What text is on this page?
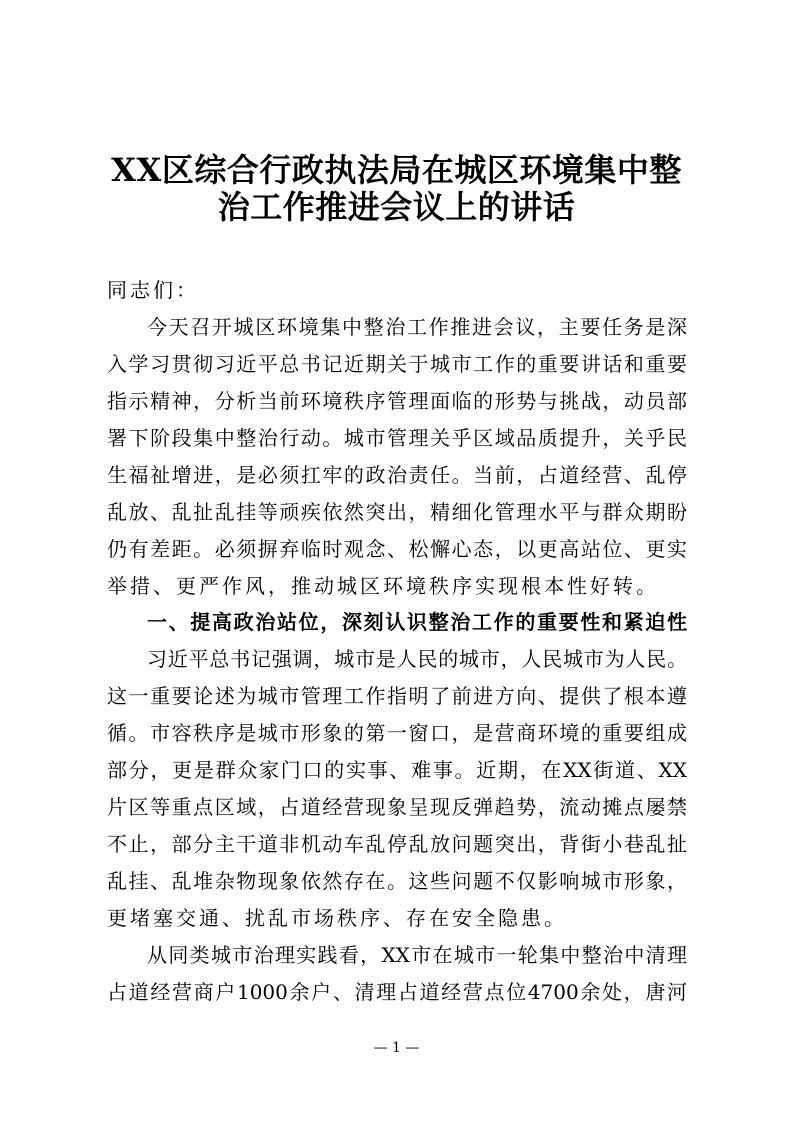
XX区综合行政执法局在城区环境集中整
治工作推进会议上的讲话
同志们：
今天召开城区环境集中整治工作推进会议，主要任务是深
入学习贯彻习近平总书记近期关于城市工作的重要讲话和重要
指示精神，分析当前环境秩序管理面临的形势与挑战，动员部
署下阶段集中整治行动。城市管理关乎区域品质提升，关乎民
生福祉增进，是必须扛牢的政治责任。当前，占道经营、乱停
乱放、乱扯乱挂等顽疾依然突出，精细化管理水平与群众期盼
仍有差距。必须摒弃临时观念、松懈心态，以更高站位、更实
举措、更严作风，推动城区环境秩序实现根本性好转。
一、提高政治站位，深刻认识整治工作的重要性和紧迫性
习近平总书记强调，城市是人民的城市，人民城市为人民。
这一重要论述为城市管理工作指明了前进方向、提供了根本遵
循。市容秩序是城市形象的第一窗口，是营商环境的重要组成
部分，更是群众家门口的实事、难事。近期，在XX街道、XX
片区等重点区域，占道经营现象呈现反弹趋势，流动摊点屡禁
不止，部分主干道非机动车乱停乱放问题突出，背街小巷乱扯
乱挂、乱堆杂物现象依然存在。这些问题不仅影响城市形象，
更堵塞交通、扰乱市场秩序、存在安全隐患。
从同类城市治理实践看，XX市在城市一轮集中整治中清理
占道经营商户1000余户、清理占道经营点位4700余处，唐河
— 1 —
